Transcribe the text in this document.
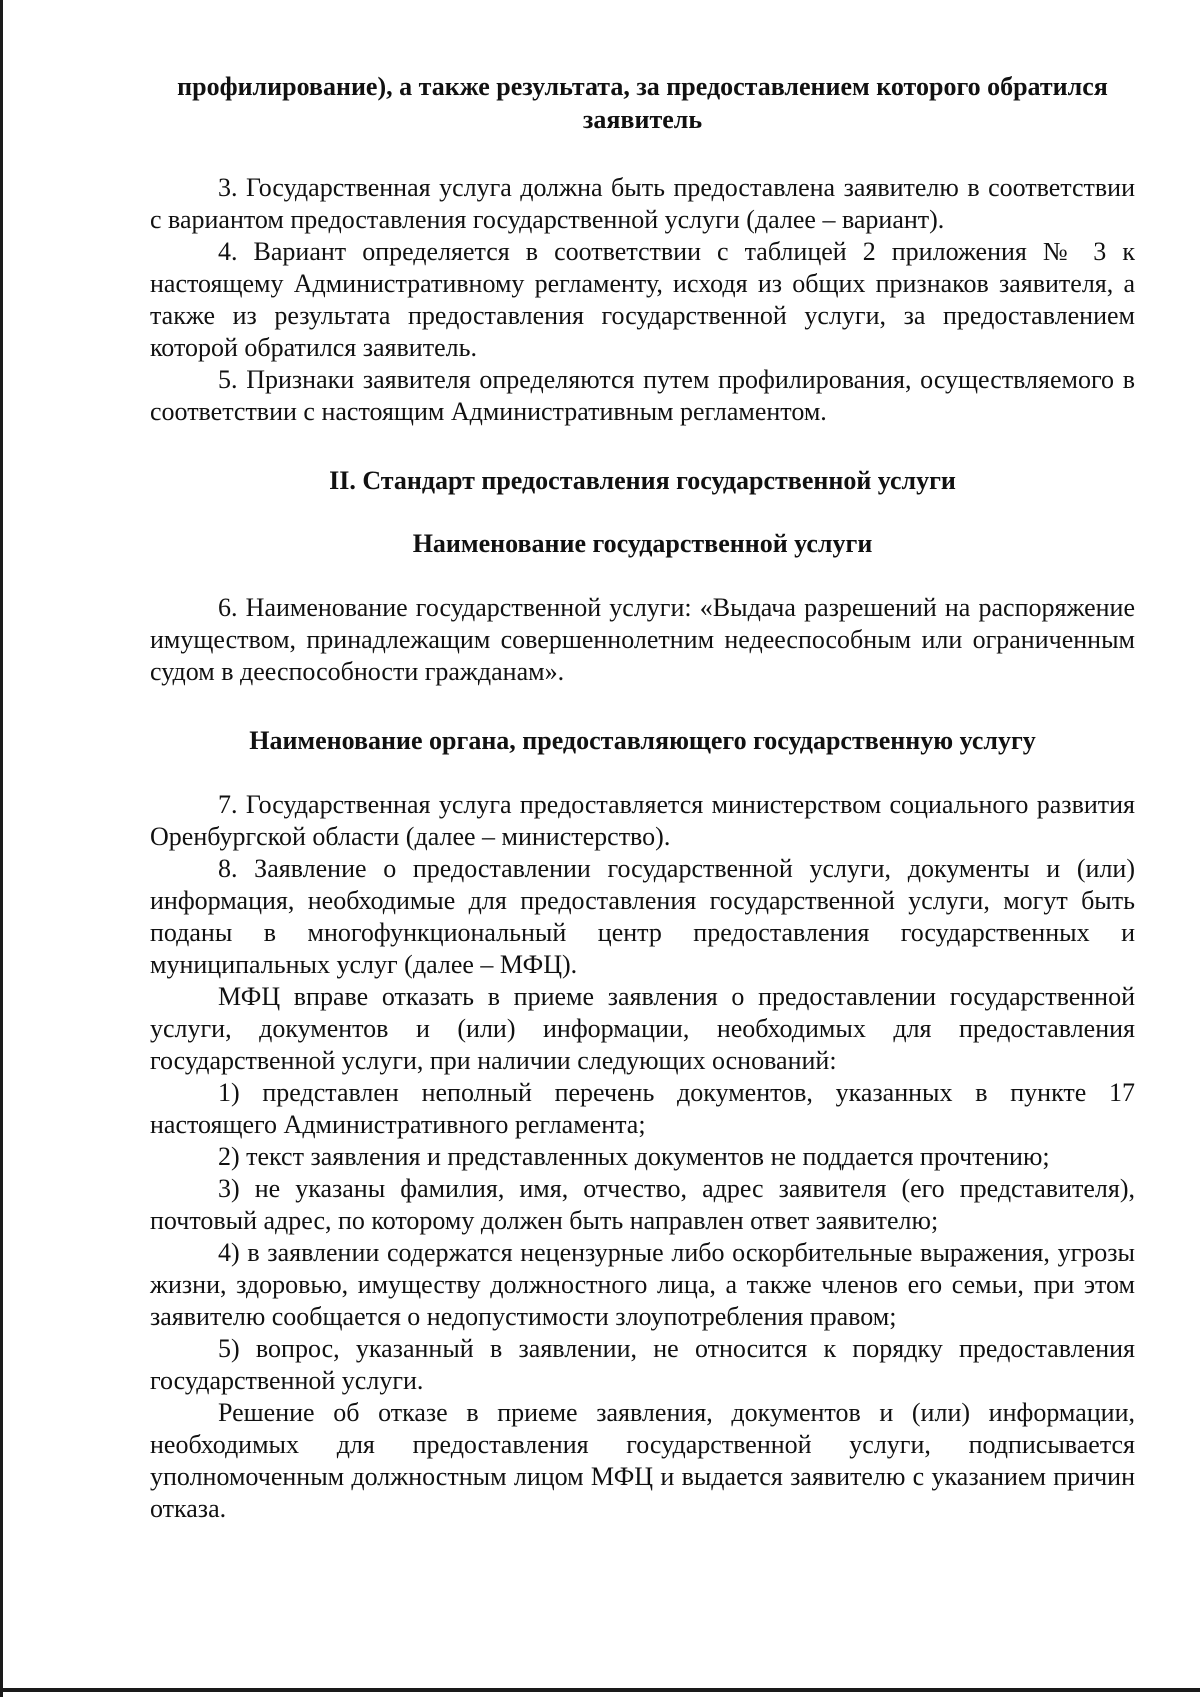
профилирование), а также результата, за предоставлением которого обратился заявитель

3. Государственная услуга должна быть предоставлена заявителю в соответствии с вариантом предоставления государственной услуги (далее – вариант).

4. Вариант определяется в соответствии с таблицей 2 приложения № 3 к настоящему Административному регламенту, исходя из общих признаков заявителя, а также из результата предоставления государственной услуги, за предоставлением которой обратился заявитель.

5. Признаки заявителя определяются путем профилирования, осуществляемого в соответствии с настоящим Административным регламентом.

II. Стандарт предоставления государственной услуги

Наименование государственной услуги

6. Наименование государственной услуги: «Выдача разрешений на распоряжение имуществом, принадлежащим совершеннолетним недееспособным или ограниченным судом в дееспособности гражданам».

Наименование органа, предоставляющего государственную услугу

7. Государственная услуга предоставляется министерством социального развития Оренбургской области (далее – министерство).

8. Заявление о предоставлении государственной услуги, документы и (или) информация, необходимые для предоставления государственной услуги, могут быть поданы в многофункциональный центр предоставления государственных и муниципальных услуг (далее – МФЦ).

МФЦ вправе отказать в приеме заявления о предоставлении государственной услуги, документов и (или) информации, необходимых для предоставления государственной услуги, при наличии следующих оснований:

1) представлен неполный перечень документов, указанных в пункте 17 настоящего Административного регламента;

2) текст заявления и представленных документов не поддается прочтению;

3) не указаны фамилия, имя, отчество, адрес заявителя (его представителя), почтовый адрес, по которому должен быть направлен ответ заявителю;

4) в заявлении содержатся нецензурные либо оскорбительные выражения, угрозы жизни, здоровью, имуществу должностного лица, а также членов его семьи, при этом заявителю сообщается о недопустимости злоупотребления правом;

5) вопрос, указанный в заявлении, не относится к порядку предоставления государственной услуги.

Решение об отказе в приеме заявления, документов и (или) информации, необходимых для предоставления государственной услуги, подписывается уполномоченным должностным лицом МФЦ и выдается заявителю с указанием причин отказа.
